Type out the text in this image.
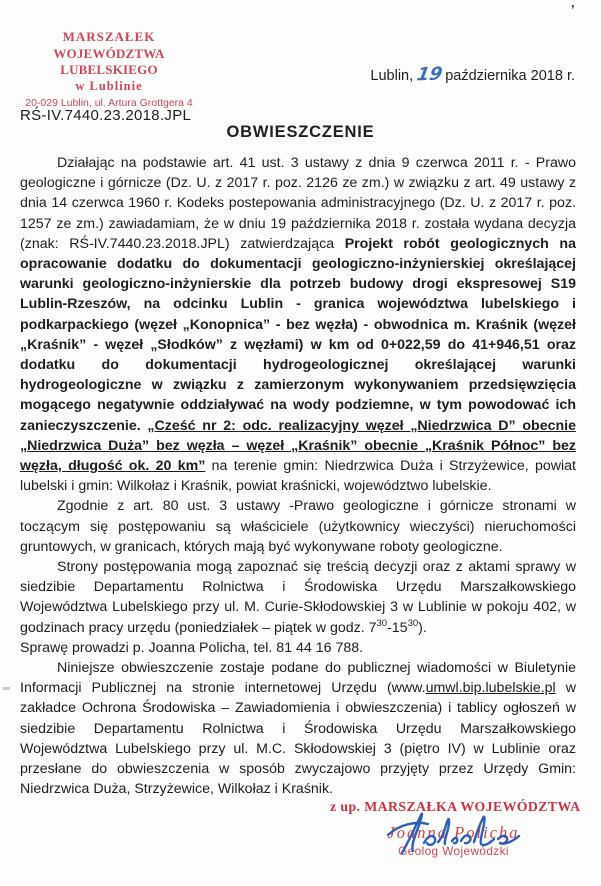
’
MARSZAŁEK
WOJEWÓDZTWA LUBELSKIEGO
w Lublinie
20-029 Lublin, ul. Artura Grottgera 4
Lublin, 19października 2018 r.
RŚ-IV.7440.23.2018.JPL
OBWIESZCZENIE

Działając na podstawie art. 41 ust. 3 ustawy z dnia 9 czerwca 2011 r. - Prawo geologiczne i górnicze (Dz. U. z 2017 r. poz. 2126 ze zm.) w związku z art. 49 ustawy z dnia 14 czerwca 1960 r. Kodeks postepowania administracyjnego (Dz. U. z 2017 r. poz. 1257 ze zm.) zawiadamiam, że w dniu 19 października 2018 r. została wydana decyzja (znak: RŚ-IV.7440.23.2018.JPL) zatwierdzająca Projekt robót geologicznych na opracowanie dodatku do dokumentacji geologiczno-inżynierskiej określającej warunki geologiczno-inżynierskie dla potrzeb budowy drogi ekspresowej S19 Lublin-Rzeszów, na odcinku Lublin - granica województwa lubelskiego i podkarpackiego (węzeł „Konopnica” - bez węzła) - obwodnica m. Kraśnik (węzeł „Kraśnik” - węzeł „Słodków” z węzłami) w km od 0+022,59 do 41+946,51 oraz dodatku do dokumentacji hydrogeologicznej określającej warunki hydrogeologiczne w związku z zamierzonym wykonywaniem przedsięwzięcia mogącego negatywnie oddziaływać na wody podziemne, w tym powodować ich zanieczyszczenie. „Cześć nr 2: odc. realizacyjny węzeł „Niedrzwica D” obecnie „Niedrzwica Duża” bez węzła – węzeł „Kraśnik” obecnie „Kraśnik Północ” bez węzła, długość ok. 20 km” na terenie gmin: Niedrzwica Duża i Strzyżewice, powiat lubelski i gmin: Wilkołaz i Kraśnik, powiat kraśnicki, województwo lubelskie.

Zgodnie z art. 80 ust. 3 ustawy -Prawo geologiczne i górnicze stronami w toczącym się postępowaniu są właściciele (użytkownicy wieczyści) nieruchomości gruntowych, w granicach, których mają być wykonywane roboty geologiczne.

Strony postępowania mogą zapoznać się treścią decyzji oraz z aktami sprawy w siedzibie Departamentu Rolnictwa i Środowiska Urzędu Marszałkowskiego Województwa Lubelskiego przy ul. M. Curie-Skłodowskiej 3 w Lublinie w pokoju 402, w godzinach pracy urzędu (poniedziałek – piątek w godz. $7^{30}-15^{30}$).

Sprawę prowadzi p. Joanna Policha, tel. 81 44 16 788.

Niniejsze obwieszczenie zostaje podane do publicznej wiadomości w Biuletynie Informacji Publicznej na stronie internetowej Urzędu (www.umwl.bip.lubelskie.pl w zakładce Ochrona Środowiska – Zawiadomienia i obwieszczenia) i tablicy ogłoszeń w siedzibie Departamentu Rolnictwa i Środowiska Urzędu Marszałkowskiego Województwa Lubelskiego przy ul. M.C. Skłodowskiej 3 (piętro IV) w Lublinie oraz przesłane do obwieszczenia w sposób zwyczajowo przyjęty przez Urzędy Gmin: Niedrzwica Duża, Strzyżewice, Wilkołaz i Kraśnik.

z up. MARSZAŁKA WOJEWÓDZTWA
Joanna Policha
Geolog Wojewódzki
